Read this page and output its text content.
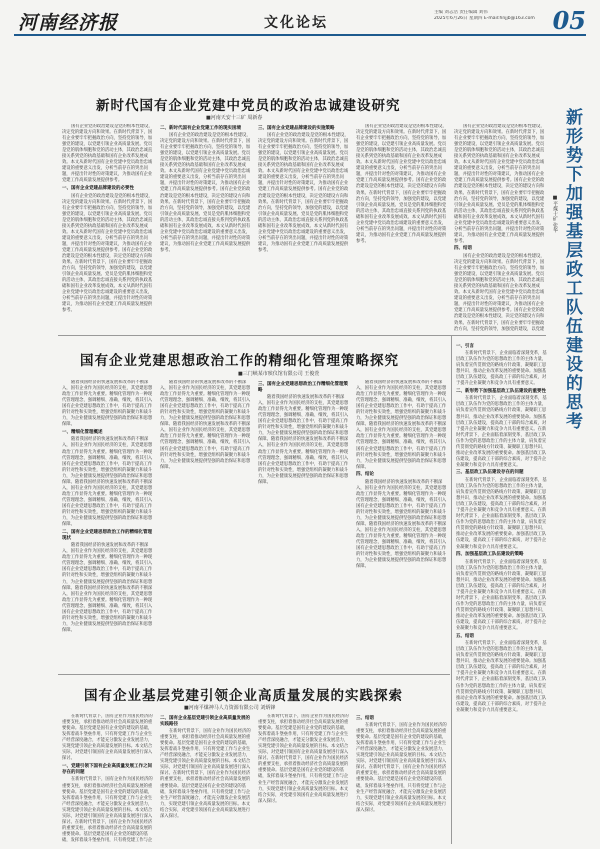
河南经济报	文化论坛
主编 刘志浩 责任编辑 刘伟
2025年6月26日 星期四 E-mail:hnjjb@163.com 05
新时代国有企业党建中党员的政治忠诚建设研究
■河南天安十三矿 周新春

国有企业党的政治建设是党的根本性建设，决定党的建设方向和效果。在新时代背景下，国有企业要牢牢把握政治方向，坚持党的领导，加强党的建设，以党建引领企业高质量发展。党员是党的肌体细胞和党的活动主体，其政治忠诚直接关系到党的执政基础和国有企业改革发展成效。本文从新时代国有企业党建中党员政治忠诚建设的重要意义出发，分析当前存在的突出问题，并提出针对性的对策建议，为推动国有企业党建工作高质量发展提供参考。

一、国有企业党建品牌建设的必要性

国有企业党的政治建设是党的根本性建设，决定党的建设方向和效果。在新时代背景下，国有企业要牢牢把握政治方向，坚持党的领导，加强党的建设，以党建引领企业高质量发展。党员是党的肌体细胞和党的活动主体，其政治忠诚直接关系到党的执政基础和国有企业改革发展成效。本文从新时代国有企业党建中党员政治忠诚建设的重要意义出发，分析当前存在的突出问题，并提出针对性的对策建议，为推动国有企业党建工作高质量发展提供参考。国有企业党的政治建设是党的根本性建设，决定党的建设方向和效果。在新时代背景下，国有企业要牢牢把握政治方向，坚持党的领导，加强党的建设，以党建引领企业高质量发展。党员是党的肌体细胞和党的活动主体，其政治忠诚直接关系到党的执政基础和国有企业改革发展成效。本文从新时代国有企业党建中党员政治忠诚建设的重要意义出发，分析当前存在的突出问题，并提出针对性的对策建议，为推动国有企业党建工作高质量发展提供参考。

二、新时代国有企业党建工作的现实困境

国有企业党的政治建设是党的根本性建设，决定党的建设方向和效果。在新时代背景下，国有企业要牢牢把握政治方向，坚持党的领导，加强党的建设，以党建引领企业高质量发展。党员是党的肌体细胞和党的活动主体，其政治忠诚直接关系到党的执政基础和国有企业改革发展成效。本文从新时代国有企业党建中党员政治忠诚建设的重要意义出发，分析当前存在的突出问题，并提出针对性的对策建议，为推动国有企业党建工作高质量发展提供参考。国有企业党的政治建设是党的根本性建设，决定党的建设方向和效果。在新时代背景下，国有企业要牢牢把握政治方向，坚持党的领导，加强党的建设，以党建引领企业高质量发展。党员是党的肌体细胞和党的活动主体，其政治忠诚直接关系到党的执政基础和国有企业改革发展成效。本文从新时代国有企业党建中党员政治忠诚建设的重要意义出发，分析当前存在的突出问题，并提出针对性的对策建议，为推动国有企业党建工作高质量发展提供参考。

三、国有企业党建品牌建设的实施策略

国有企业党的政治建设是党的根本性建设，决定党的建设方向和效果。在新时代背景下，国有企业要牢牢把握政治方向，坚持党的领导，加强党的建设，以党建引领企业高质量发展。党员是党的肌体细胞和党的活动主体，其政治忠诚直接关系到党的执政基础和国有企业改革发展成效。本文从新时代国有企业党建中党员政治忠诚建设的重要意义出发，分析当前存在的突出问题，并提出针对性的对策建议，为推动国有企业党建工作高质量发展提供参考。国有企业党的政治建设是党的根本性建设，决定党的建设方向和效果。在新时代背景下，国有企业要牢牢把握政治方向，坚持党的领导，加强党的建设，以党建引领企业高质量发展。党员是党的肌体细胞和党的活动主体，其政治忠诚直接关系到党的执政基础和国有企业改革发展成效。本文从新时代国有企业党建中党员政治忠诚建设的重要意义出发，分析当前存在的突出问题，并提出针对性的对策建议，为推动国有企业党建工作高质量发展提供参考。

国有企业党的政治建设是党的根本性建设，决定党的建设方向和效果。在新时代背景下，国有企业要牢牢把握政治方向，坚持党的领导，加强党的建设，以党建引领企业高质量发展。党员是党的肌体细胞和党的活动主体，其政治忠诚直接关系到党的执政基础和国有企业改革发展成效。本文从新时代国有企业党建中党员政治忠诚建设的重要意义出发，分析当前存在的突出问题，并提出针对性的对策建议，为推动国有企业党建工作高质量发展提供参考。国有企业党的政治建设是党的根本性建设，决定党的建设方向和效果。在新时代背景下，国有企业要牢牢把握政治方向，坚持党的领导，加强党的建设，以党建引领企业高质量发展。党员是党的肌体细胞和党的活动主体，其政治忠诚直接关系到党的执政基础和国有企业改革发展成效。本文从新时代国有企业党建中党员政治忠诚建设的重要意义出发，分析当前存在的突出问题，并提出针对性的对策建议，为推动国有企业党建工作高质量发展提供参考。

国有企业党的政治建设是党的根本性建设，决定党的建设方向和效果。在新时代背景下，国有企业要牢牢把握政治方向，坚持党的领导，加强党的建设，以党建引领企业高质量发展。党员是党的肌体细胞和党的活动主体，其政治忠诚直接关系到党的执政基础和国有企业改革发展成效。本文从新时代国有企业党建中党员政治忠诚建设的重要意义出发，分析当前存在的突出问题，并提出针对性的对策建议，为推动国有企业党建工作高质量发展提供参考。国有企业党的政治建设是党的根本性建设，决定党的建设方向和效果。在新时代背景下，国有企业要牢牢把握政治方向，坚持党的领导，加强党的建设，以党建引领企业高质量发展。党员是党的肌体细胞和党的活动主体，其政治忠诚直接关系到党的执政基础和国有企业改革发展成效。本文从新时代国有企业党建中党员政治忠诚建设的重要意义出发，分析当前存在的突出问题，并提出针对性的对策建议，为推动国有企业党建工作高质量发展提供参考。

四、结语

国有企业党的政治建设是党的根本性建设，决定党的建设方向和效果。在新时代背景下，国有企业要牢牢把握政治方向，坚持党的领导，加强党的建设，以党建引领企业高质量发展。党员是党的肌体细胞和党的活动主体，其政治忠诚直接关系到党的执政基础和国有企业改革发展成效。本文从新时代国有企业党建中党员政治忠诚建设的重要意义出发，分析当前存在的突出问题，并提出针对性的对策建议，为推动国有企业党建工作高质量发展提供参考。国有企业党的政治建设是党的根本性建设，决定党的建设方向和效果。在新时代背景下，国有企业要牢牢把握政治方向，坚持党的领导，加强党的建设，以党建

国有企业党建思想政治工作的精细化管理策略探究
■三门峡某市殡仪馆有限公司 王俊萱

随着我国经济的快速发展和改革的不断深入，国有企业作为国民经济的支柱，其党建思想政治工作显得尤为重要。精细化管理作为一种现代管理理念，强调精细、准确、细致，将其引入国有企业党建思想政治工作中，有助于提高工作的针对性和实效性，增强党组织的凝聚力和战斗力，为企业健康发展提供坚强的政治保证和思想保障。

一、精细化管理概述

随着我国经济的快速发展和改革的不断深入，国有企业作为国民经济的支柱，其党建思想政治工作显得尤为重要。精细化管理作为一种现代管理理念，强调精细、准确、细致，将其引入国有企业党建思想政治工作中，有助于提高工作的针对性和实效性，增强党组织的凝聚力和战斗力，为企业健康发展提供坚强的政治保证和思想保障。随着我国经济的快速发展和改革的不断深入，国有企业作为国民经济的支柱，其党建思想政治工作显得尤为重要。精细化管理作为一种现代管理理念，强调精细、准确、细致，将其引入国有企业党建思想政治工作中，有助于提高工作的针对性和实效性，增强党组织的凝聚力和战斗力，为企业健康发展提供坚强的政治保证和思想保障。

二、国有企业党建思想政治工作的精细化管理现状

随着我国经济的快速发展和改革的不断深入，国有企业作为国民经济的支柱，其党建思想政治工作显得尤为重要。精细化管理作为一种现代管理理念，强调精细、准确、细致，将其引入国有企业党建思想政治工作中，有助于提高工作的针对性和实效性，增强党组织的凝聚力和战斗力，为企业健康发展提供坚强的政治保证和思想保障。随着我国经济的快速发展和改革的不断深入，国有企业作为国民经济的支柱，其党建思想政治工作显得尤为重要。精细化管理作为一种现代管理理念，强调精细、准确、细致，将其引入国有企业党建思想政治工作中，有助于提高工作的针对性和实效性，增强党组织的凝聚力和战斗力，为企业健康发展提供坚强的政治保证和思想保障。

随着我国经济的快速发展和改革的不断深入，国有企业作为国民经济的支柱，其党建思想政治工作显得尤为重要。精细化管理作为一种现代管理理念，强调精细、准确、细致，将其引入国有企业党建思想政治工作中，有助于提高工作的针对性和实效性，增强党组织的凝聚力和战斗力，为企业健康发展提供坚强的政治保证和思想保障。随着我国经济的快速发展和改革的不断深入，国有企业作为国民经济的支柱，其党建思想政治工作显得尤为重要。精细化管理作为一种现代管理理念，强调精细、准确、细致，将其引入国有企业党建思想政治工作中，有助于提高工作的针对性和实效性，增强党组织的凝聚力和战斗力，为企业健康发展提供坚强的政治保证和思想保障。

三、国有企业党建思想政治工作精细化管理策略

随着我国经济的快速发展和改革的不断深入，国有企业作为国民经济的支柱，其党建思想政治工作显得尤为重要。精细化管理作为一种现代管理理念，强调精细、准确、细致，将其引入国有企业党建思想政治工作中，有助于提高工作的针对性和实效性，增强党组织的凝聚力和战斗力，为企业健康发展提供坚强的政治保证和思想保障。随着我国经济的快速发展和改革的不断深入，国有企业作为国民经济的支柱，其党建思想政治工作显得尤为重要。精细化管理作为一种现代管理理念，强调精细、准确、细致，将其引入国有企业党建思想政治工作中，有助于提高工作的针对性和实效性，增强党组织的凝聚力和战斗力，为企业健康发展提供坚强的政治保证和思想保障。

随着我国经济的快速发展和改革的不断深入，国有企业作为国民经济的支柱，其党建思想政治工作显得尤为重要。精细化管理作为一种现代管理理念，强调精细、准确、细致，将其引入国有企业党建思想政治工作中，有助于提高工作的针对性和实效性，增强党组织的凝聚力和战斗力，为企业健康发展提供坚强的政治保证和思想保障。随着我国经济的快速发展和改革的不断深入，国有企业作为国民经济的支柱，其党建思想政治工作显得尤为重要。精细化管理作为一种现代管理理念，强调精细、准确、细致，将其引入国有企业党建思想政治工作中，有助于提高工作的针对性和实效性，增强党组织的凝聚力和战斗力，为企业健康发展提供坚强的政治保证和思想保障。

四、结论

随着我国经济的快速发展和改革的不断深入，国有企业作为国民经济的支柱，其党建思想政治工作显得尤为重要。精细化管理作为一种现代管理理念，强调精细、准确、细致，将其引入国有企业党建思想政治工作中，有助于提高工作的针对性和实效性，增强党组织的凝聚力和战斗力，为企业健康发展提供坚强的政治保证和思想保障。随着我国经济的快速发展和改革的不断深入，国有企业作为国民经济的支柱，其党建思想政治工作显得尤为重要。精细化管理作为一种现代管理理念，强调精细、准确、细致，将其引入国有企业党建思想政治工作中，有助于提高工作的针对性和实效性，增强党组织的凝聚力和战斗力，为企业健康发展提供坚强的政治保证和思想保障。

国有企业基层党建引领企业高质量发展的实践探索
■河南平煤神马人力资源有限公司 刘炳锋

在新时代背景下，国有企业作为国民经济的重要支柱，承担着推动经济社会高质量发展的重要使命。基层党建是国有企业党的建设的基础，发挥着战斗堡垒作用，只有将党建工作与企业生产经营深度融合，才能充分激发企业发展活力，实现党建引领企业高质量发展的目标。本文结合实际，对党建引领国有企业高质量发展进行深入探讨。

一、党建引领下国有企业高质量发展工作之间存在的问题

在新时代背景下，国有企业作为国民经济的重要支柱，承担着推动经济社会高质量发展的重要使命。基层党建是国有企业党的建设的基础，发挥着战斗堡垒作用，只有将党建工作与企业生产经营深度融合，才能充分激发企业发展活力，实现党建引领企业高质量发展的目标。本文结合实际，对党建引领国有企业高质量发展进行深入探讨。在新时代背景下，国有企业作为国民经济的重要支柱，承担着推动经济社会高质量发展的重要使命。基层党建是国有企业党的建设的基础，发挥着战斗堡垒作用，只有将党建工作与企

二、国有企业基层党建引领企业高质量发展的实践路径

在新时代背景下，国有企业作为国民经济的重要支柱，承担着推动经济社会高质量发展的重要使命。基层党建是国有企业党的建设的基础，发挥着战斗堡垒作用，只有将党建工作与企业生产经营深度融合，才能充分激发企业发展活力，实现党建引领企业高质量发展的目标。本文结合实际，对党建引领国有企业高质量发展进行深入探讨。在新时代背景下，国有企业作为国民经济的重要支柱，承担着推动经济社会高质量发展的重要使命。基层党建是国有企业党的建设的基础，发挥着战斗堡垒作用，只有将党建工作与企业生产经营深度融合，才能充分激发企业发展活力，实现党建引领企业高质量发展的目标。本文结合实际，对党建引领国有企业高质量发展进行深入探讨。

在新时代背景下，国有企业作为国民经济的重要支柱，承担着推动经济社会高质量发展的重要使命。基层党建是国有企业党的建设的基础，发挥着战斗堡垒作用，只有将党建工作与企业生产经营深度融合，才能充分激发企业发展活力，实现党建引领企业高质量发展的目标。本文结合实际，对党建引领国有企业高质量发展进行深入探讨。在新时代背景下，国有企业作为国民经济的重要支柱，承担着推动经济社会高质量发展的重要使命。基层党建是国有企业党的建设的基础，发挥着战斗堡垒作用，只有将党建工作与企业生产经营深度融合，才能充分激发企业发展活力，实现党建引领企业高质量发展的目标。本文结合实际，对党建引领国有企业高质量发展进行深入探讨。

三、结语

在新时代背景下，国有企业作为国民经济的重要支柱，承担着推动经济社会高质量发展的重要使命。基层党建是国有企业党的建设的基础，发挥着战斗堡垒作用，只有将党建工作与企业生产经营深度融合，才能充分激发企业发展活力，实现党建引领企业高质量发展的目标。本文结合实际，对党建引领国有企业高质量发展进行深入探讨。在新时代背景下，国有企业作为国民经济的重要支柱，承担着推动经济社会高质量发展的重要使命。基层党建是国有企业党的建设的基础，发挥着战斗堡垒作用，只有将党建工作与企业生产经营深度融合，才能充分激发企业发展活力，实现党建引领企业高质量发展的目标。本文结合实际，对党建引领国有企业高质量发展进行深入探讨。

新形势下加强基层政工队伍建设的思考
■平煤十矿 张华
一、引言

在新时代背景下，企业面临着深刻变革，基层政工队伍作为党的思想政治工作的主体力量，肩负着宣传贯彻党的路线方针政策、凝聚职工思想共识、推动企业改革发展的重要使命。加强基层政工队伍建设，提高政工干部的综合素质，对于提升企业凝聚力和竞争力具有重要意义。

二、新形势下加强基层政工队伍建设的重要性

在新时代背景下，企业面临着深刻变革，基层政工队伍作为党的思想政治工作的主体力量，肩负着宣传贯彻党的路线方针政策、凝聚职工思想共识、推动企业改革发展的重要使命。加强基层政工队伍建设，提高政工干部的综合素质，对于提升企业凝聚力和竞争力具有重要意义。在新时代背景下，企业面临着深刻变革，基层政工队伍作为党的思想政治工作的主体力量，肩负着宣传贯彻党的路线方针政策、凝聚职工思想共识、推动企业改革发展的重要使命。加强基层政工队伍建设，提高政工干部的综合素质，对于提升企业凝聚力和竞争力具有重要意义。

三、基层政工队伍建设存在的问题

在新时代背景下，企业面临着深刻变革，基层政工队伍作为党的思想政治工作的主体力量，肩负着宣传贯彻党的路线方针政策、凝聚职工思想共识、推动企业改革发展的重要使命。加强基层政工队伍建设，提高政工干部的综合素质，对于提升企业凝聚力和竞争力具有重要意义。在新时代背景下，企业面临着深刻变革，基层政工队伍作为党的思想政治工作的主体力量，肩负着宣传贯彻党的路线方针政策、凝聚职工思想共识、推动企业改革发展的重要使命。加强基层政工队伍建设，提高政工干部的综合素质，对于提升企业凝聚力和竞争力具有重要意义。

四、加强基层政工队伍建设的策略

在新时代背景下，企业面临着深刻变革，基层政工队伍作为党的思想政治工作的主体力量，肩负着宣传贯彻党的路线方针政策、凝聚职工思想共识、推动企业改革发展的重要使命。加强基层政工队伍建设，提高政工干部的综合素质，对于提升企业凝聚力和竞争力具有重要意义。在新时代背景下，企业面临着深刻变革，基层政工队伍作为党的思想政治工作的主体力量，肩负着宣传贯彻党的路线方针政策、凝聚职工思想共识、推动企业改革发展的重要使命。加强基层政工队伍建设，提高政工干部的综合素质，对于提升企业凝聚力和竞争力具有重要意义。

五、结语

在新时代背景下，企业面临着深刻变革，基层政工队伍作为党的思想政治工作的主体力量，肩负着宣传贯彻党的路线方针政策、凝聚职工思想共识、推动企业改革发展的重要使命。加强基层政工队伍建设，提高政工干部的综合素质，对于提升企业凝聚力和竞争力具有重要意义。在新时代背景下，企业面临着深刻变革，基层政工队伍作为党的思想政治工作的主体力量，肩负着宣传贯彻党的路线方针政策、凝聚职工思想共识、推动企业改革发展的重要使命。加强基层政工队伍建设，提高政工干部的综合素质，对于提升企业凝聚力和竞争力具有重要意义。
